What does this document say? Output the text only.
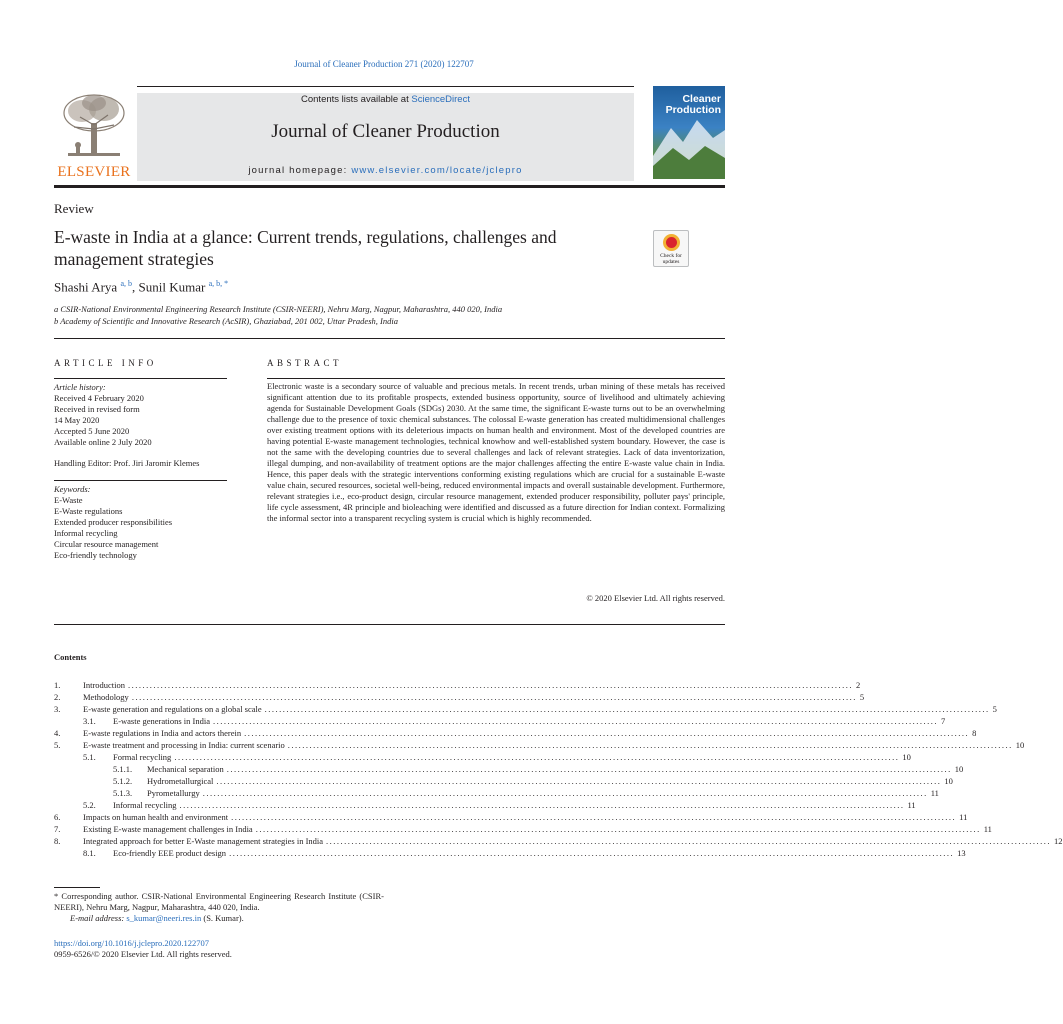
Journal of Cleaner Production 271 (2020) 122707
ELSEVIER
Contents lists available at ScienceDirect
Journal of Cleaner Production
journal homepage: www.elsevier.com/locate/jclepro
Cleaner
Production
Review
E-waste in India at a glance: Current trends, regulations, challenges and management strategies	Check for updates
Shashi Arya $^{a, b}$, Sunil Kumar $^{a, b, *}$
a CSIR-National Environmental Engineering Research Institute (CSIR-NEERI), Nehru Marg, Nagpur, Maharashtra, 440 020, India
b Academy of Scientific and Innovative Research (AcSIR), Ghaziabad, 201 002, Uttar Pradesh, India
ARTICLE INFO
Article history:
Received 4 February 2020
Received in revised form
14 May 2020
Accepted 5 June 2020
Available online 2 July 2020
Handling Editor: Prof. Jiri Jaromir Klemes
Keywords:
E-Waste
E-Waste regulations
Extended producer responsibilities
Informal recycling
Circular resource management
Eco-friendly technology
ABSTRACT
Electronic waste is a secondary source of valuable and precious metals. In recent trends, urban mining of these metals has received significant attention due to its profitable prospects, extended business opportunity, source of livelihood and ultimately achieving agenda for Sustainable Development Goals (SDGs) 2030. At the same time, the significant E-waste turns out to be an overwhelming challenge due to the presence of toxic chemical substances. The colossal E-waste generation has created multidimensional challenges over existing treatment options with its deleterious impacts on human health and environment. Most of the developed countries are having potential E-waste management technologies, technical knowhow and well-established system boundary. However, the case is not the same with the developing countries due to several challenges and lack of relevant strategies. Lack of data inventorization, illegal dumping, and non-availability of treatment options are the major challenges affecting the entire E-waste value chain in India. Hence, this paper deals with the strategic interventions conforming existing regulations which are crucial for a sustainable E-waste value chain, secured resources, societal well-being, reduced environmental impacts and overall sustainable development. Furthermore, relevant strategies i.e., eco-product design, circular resource management, extended producer responsibility, polluter pays' principle, life cycle assessment, 4R principle and bioleaching were identified and discussed as a future direction for Indian context. Formalizing the informal sector into a transparent recycling system is crucial which is highly recommended.
© 2020 Elsevier Ltd. All rights reserved.
Contents
1.	Introduction ........................................................................................................................................................................................................ 2
2.	Methodology ........................................................................................................................................................................................................ 5
3.	E-waste generation and regulations on a global scale ........................................................................................................................................................................................................ 5
3.1.	E-waste generations in India ........................................................................................................................................................................................................ 7
4.	E-waste regulations in India and actors therein ........................................................................................................................................................................................................ 8
5.	E-waste treatment and processing in India: current scenario ........................................................................................................................................................................................................ 10
5.1.	Formal recycling ........................................................................................................................................................................................................ 10
5.1.1.	Mechanical separation ........................................................................................................................................................................................................ 10
5.1.2.	Hydrometallurgical ........................................................................................................................................................................................................ 10
5.1.3.	Pyrometallurgy ........................................................................................................................................................................................................ 11
5.2.	Informal recycling ........................................................................................................................................................................................................ 11
6.	Impacts on human health and environment ........................................................................................................................................................................................................ 11
7.	Existing E-waste management challenges in India ........................................................................................................................................................................................................ 11
8.	Integrated approach for better E-Waste management strategies in India ........................................................................................................................................................................................................ 12
8.1.	Eco-friendly EEE product design ........................................................................................................................................................................................................ 13
* Corresponding author. CSIR-National Environmental Engineering Research Institute (CSIR-NEERI), Nehru Marg, Nagpur, Maharashtra, 440 020, India.
E-mail address: s_kumar@neeri.res.in (S. Kumar).
https://doi.org/10.1016/j.jclepro.2020.122707
0959-6526/© 2020 Elsevier Ltd. All rights reserved.
